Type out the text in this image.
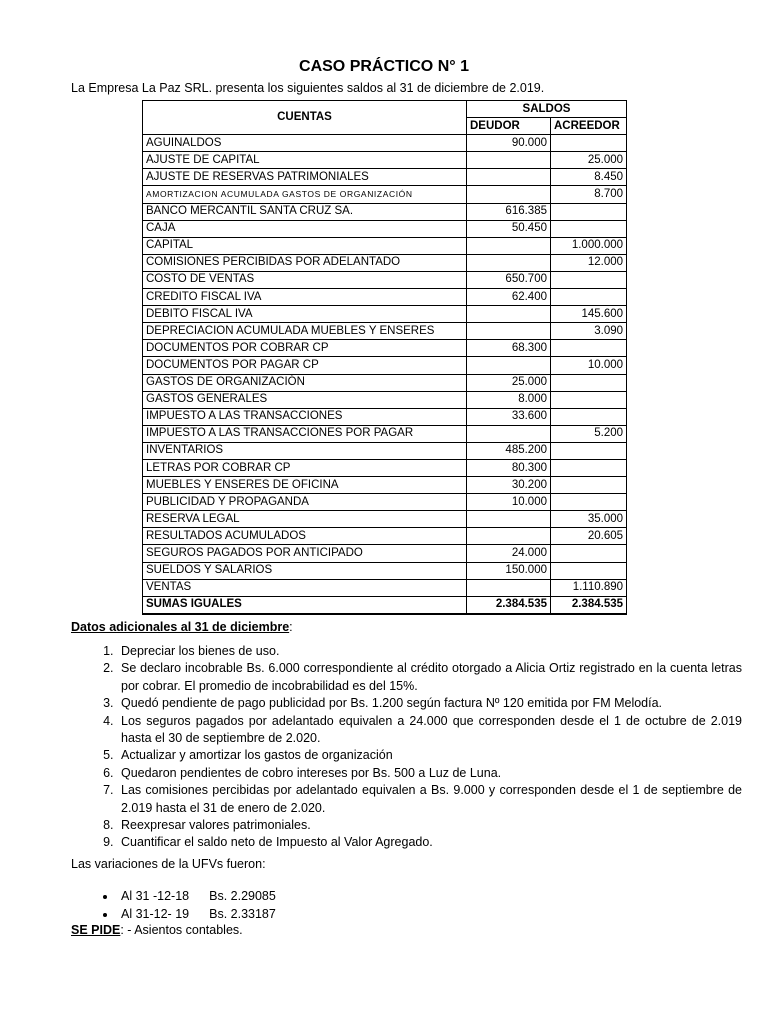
CASO PRÁCTICO N° 1
La Empresa La Paz SRL. presenta los siguientes saldos al 31 de diciembre de 2.019.
CUENTAS	SALDOS	
	DEUDOR	ACREEDOR
AGUINALDOS	90.000	
AJUSTE DE CAPITAL		25.000
AJUSTE DE RESERVAS PATRIMONIALES		8.450
AMORTIZACION ACUMULADA GASTOS DE ORGANIZACIÓN		8.700
BANCO MERCANTIL SANTA CRUZ SA.	616.385	
CAJA	50.450	
CAPITAL		1.000.000
COMISIONES PERCIBIDAS POR ADELANTADO		12.000
COSTO DE VENTAS	650.700	
CREDITO FISCAL IVA	62.400	
DEBITO FISCAL IVA		145.600
DEPRECIACION ACUMULADA MUEBLES Y ENSERES		3.090
DOCUMENTOS POR COBRAR CP	68.300	
DOCUMENTOS POR PAGAR CP		10.000
GASTOS DE ORGANIZACIÓN	25.000	
GASTOS GENERALES	8.000	
IMPUESTO A LAS TRANSACCIONES	33.600	
IMPUESTO A LAS TRANSACCIONES POR PAGAR		5.200
INVENTARIOS	485.200	
LETRAS POR COBRAR CP	80.300	
MUEBLES Y ENSERES DE OFICINA	30.200	
PUBLICIDAD Y PROPAGANDA	10.000	
RESERVA LEGAL		35.000
RESULTADOS ACUMULADOS		20.605
SEGUROS PAGADOS POR ANTICIPADO	24.000	
SUELDOS Y SALARIOS	150.000	
VENTAS		1.110.890
SUMAS IGUALES	2.384.535	2.384.535
Datos adicionales al 31 de diciembre:
1. Depreciar los bienes de uso.
2. Se declaro incobrable Bs. 6.000 correspondiente al crédito otorgado a Alicia Ortiz registrado en la cuenta letras por cobrar. El promedio de incobrabilidad es del 15%.
3. Quedó pendiente de pago publicidad por Bs. 1.200 según factura Nº 120 emitida por FM Melodía.
4. Los seguros pagados por adelantado equivalen a 24.000 que corresponden desde el 1 de octubre de 2.019 hasta el 30 de septiembre de 2.020.
5. Actualizar y amortizar los gastos de organización
6. Quedaron pendientes de cobro intereses por Bs. 500 a Luz de Luna.
7. Las comisiones percibidas por adelantado equivalen a Bs. 9.000 y corresponden desde el 1 de septiembre de 2.019 hasta el 31 de enero de 2.020.
8. Reexpresar valores patrimoniales.
9. Cuantificar el saldo neto de Impuesto al Valor Agregado.
Las variaciones de la UFVs fueron:
• Al 31 -12-18 Bs. 2.29085
• Al 31-12- 19 Bs. 2.33187
SE PIDE: - Asientos contables.
